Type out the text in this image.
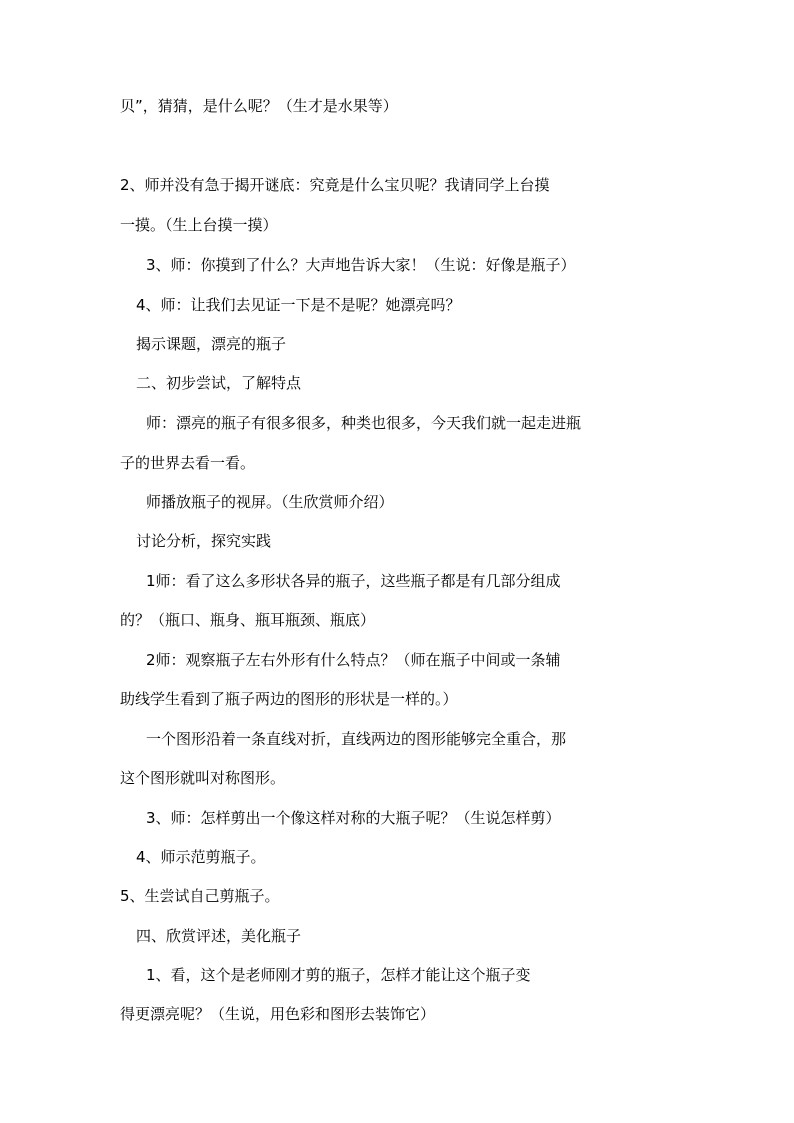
贝”，猜猜，是什么呢？（生才是水果等）
2、师并没有急于揭开谜底：究竟是什么宝贝呢？我请同学上台摸
一摸。（生上台摸一摸）
3、师：你摸到了什么？大声地告诉大家！（生说：好像是瓶子）
4、师：让我们去见证一下是不是呢？她漂亮吗？
揭示课题，漂亮的瓶子
二、初步尝试，了解特点
师：漂亮的瓶子有很多很多，种类也很多，今天我们就一起走进瓶
子的世界去看一看。
师播放瓶子的视屏。（生欣赏师介绍）
讨论分析，探究实践
1师：看了这么多形状各异的瓶子，这些瓶子都是有几部分组成
的？（瓶口、瓶身、瓶耳瓶颈、瓶底）
2师：观察瓶子左右外形有什么特点？（师在瓶子中间或一条辅
助线学生看到了瓶子两边的图形的形状是一样的。）
一个图形沿着一条直线对折，直线两边的图形能够完全重合，那
这个图形就叫对称图形。
3、师：怎样剪出一个像这样对称的大瓶子呢？（生说怎样剪）
4、师示范剪瓶子。
5、生尝试自己剪瓶子。
四、欣赏评述，美化瓶子
1、看，这个是老师刚才剪的瓶子，怎样才能让这个瓶子变
得更漂亮呢？（生说，用色彩和图形去装饰它）
